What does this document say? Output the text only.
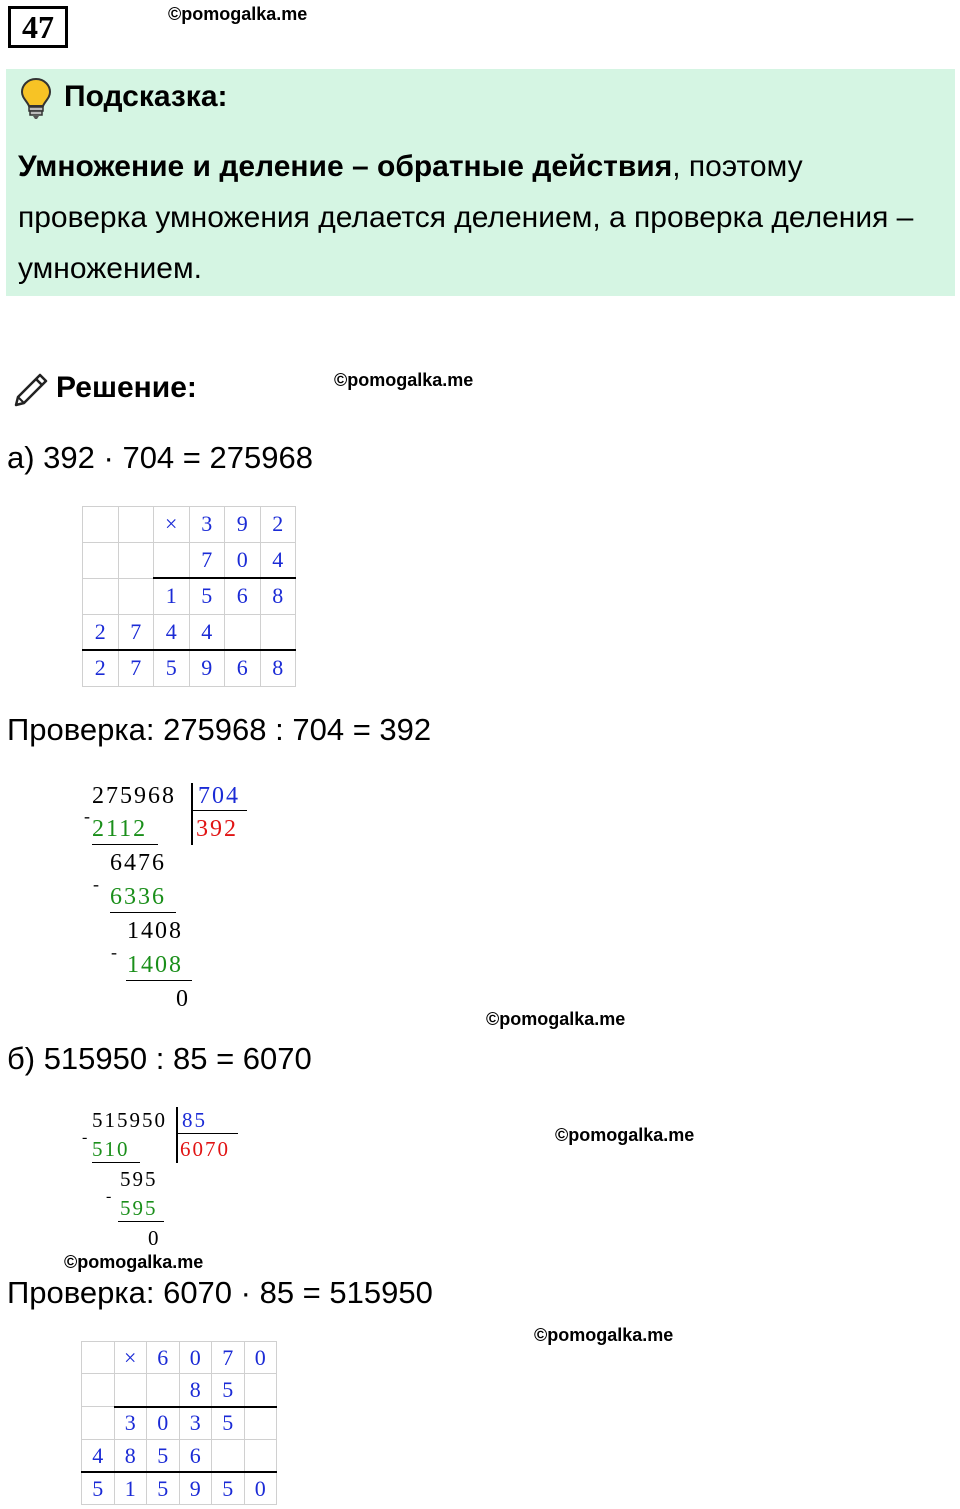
47	©pomogalka.me
Подсказка:
Умножение и деление – обратные действия, поэтому проверка умножения делается делением, а проверка деления – умножением.
Решение:	©pomogalka.me
а) 392 · 704 = 275968
		×	3	9	2
			7	0	4
		1	5	6	8
2	7	4	4		
2	7	5	9	6	8
Проверка: 275968 : 704 = 392
275968 704
- 2112 392
6476
- 6336
1408
- 1408
0
©pomogalka.me
б) 515950 : 85 = 6070
515950 85
- 510 6070
595
- 595
0
©pomogalka.me
©pomogalka.me
Проверка: 6070 · 85 = 515950
©pomogalka.me
	×	6	0	7	0
			8	5	
	3	0	3	5	
4	8	5	6		
5	1	5	9	5	0
